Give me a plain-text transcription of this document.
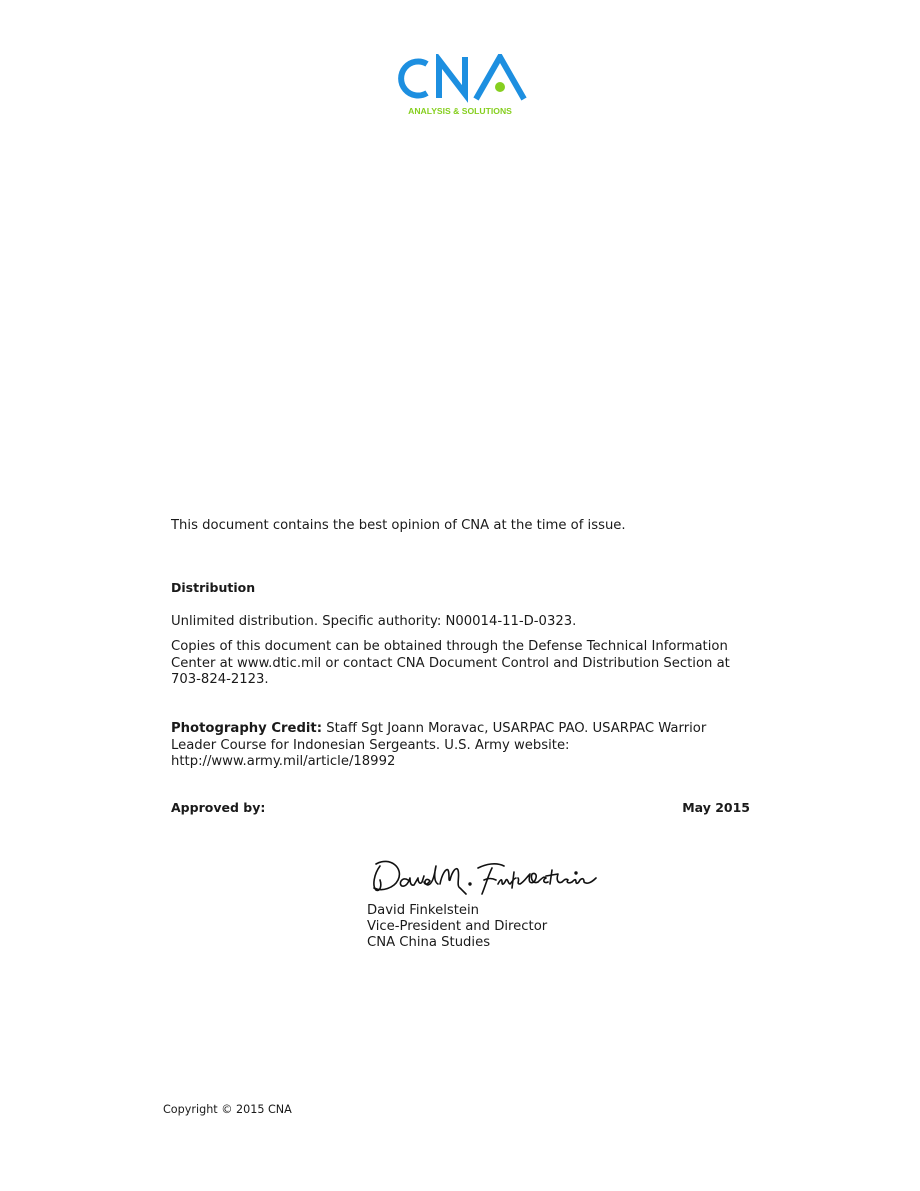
ANALYSIS & SOLUTIONS
This document contains the best opinion of CNA at the time of issue.
Distribution
Unlimited distribution. Specific authority: N00014-11-D-0323.
Copies of this document can be obtained through the Defense Technical Information Center at www.dtic.mil or contact CNA Document Control and Distribution Section at 703-824-2123.
Photography Credit: Staff Sgt Joann Moravac, USARPAC PAO. USARPAC Warrior Leader Course for Indonesian Sergeants. U.S. Army website: http://www.army.mil/article/18992
Approved by:	May 2015
David Finkelstein
Vice-President and Director
CNA China Studies
Copyright © 2015 CNA
